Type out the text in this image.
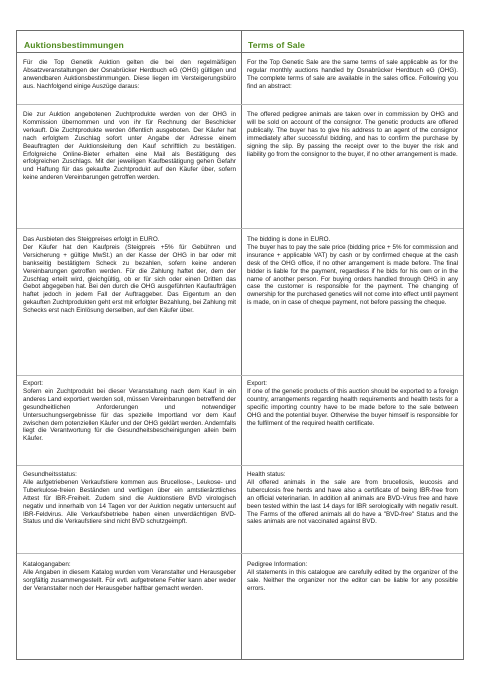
Auktionsbestimmungen
Für die Top Genetik Auktion gelten die bei den regelmäßigen Absatzveranstaltungen der Osnabrücker Herdbuch eG (OHG) gültigen und anwendbaren Auktionsbestimmungen. Diese liegen im Versteigerungsbüro aus. Nachfolgend einige Auszüge daraus:
Die zur Auktion angebotenen Zuchtprodukte werden von der OHG in Kommission übernommen und von ihr für Rechnung der Beschicker verkauft. Die Zuchtprodukte werden öffentlich ausgeboten. Der Käufer hat nach erfolgtem Zuschlag sofort unter Angabe der Adresse einem Beauftragten der Auktionsleitung den Kauf schriftlich zu bestätigen. Erfolgreiche Online-Bieter erhalten eine Mail als Bestätigung des erfolgreichen Zuschlags. Mit der jeweiligen Kaufbestätigung gehen Gefahr und Haftung für das gekaufte Zuchtprodukt auf den Käufer über, sofern keine anderen Vereinbarungen getroffen werden.
Das Ausbieten des Steigpreises erfolgt in EURO.
Der Käufer hat den Kaufpreis (Steigpreis +5% für Gebühren und Versicherung + gültige MwSt.) an der Kasse der OHG in bar oder mit bankseitig bestätigtem Scheck zu bezahlen, sofern keine anderen Vereinbarungen getroffen werden. Für die Zahlung haftet der, dem der Zuschlag erteilt wird, gleichgültig, ob er für sich oder einen Dritten das Gebot abgegeben hat. Bei den durch die OHG ausgeführten Kaufaufträgen haftet jedoch in jedem Fall der Auftraggeber. Das Eigentum an den gekauften Zuchtprodukten geht erst mit erfolgter Bezahlung, bei Zahlung mit Schecks erst nach Einlösung derselben, auf den Käufer über.
Export:
Sofern ein Zuchtprodukt bei dieser Veranstaltung nach dem Kauf in ein anderes Land exportiert werden soll, müssen Vereinbarungen betreffend der gesundheitlichen Anforderungen und notwendiger Untersuchungsergebnisse für das spezielle Importland vor dem Kauf zwischen dem potenziellen Käufer und der OHG geklärt werden. Andernfalls liegt die Verantwortung für die Gesundheitsbescheinigungen allein beim Käufer.
Gesundheitsstatus:
Alle aufgetriebenen Verkaufstiere kommen aus Brucellose-, Leukose- und Tuberkulose-freien Beständen und verfügen über ein amtstierärztliches Attest für IBR-Freiheit. Zudem sind die Auktionstiere BVD virologisch negativ und innerhalb von 14 Tagen vor der Auktion negativ untersucht auf IBR-Feldvirus. Alle Verkaufsbetriebe haben einen unverdächtigen BVD-Status und die Verkaufstiere sind nicht BVD schutzgeimpft.
Katalogangaben:
Alle Angaben in diesem Katalog wurden vom Veranstalter und Herausgeber sorgfältig zusammengestellt. Für evtl. aufgetretene Fehler kann aber weder der Veranstalter noch der Herausgeber haftbar gemacht werden.
Terms of Sale
For the Top Genetic Sale are the same terms of sale applicable as for the regular monthly auctions handled by Osnabrücker Herdbuch eG (OHG). The complete terms of sale are available in the sales office. Following you find an abstract:
The offered pedigree animals are taken over in commission by OHG and will be sold on account of the consignor. The genetic products are offered publically. The buyer has to give his address to an agent of the consignor immediately after successful bidding, and has to confirm the purchase by signing the slip. By passing the receipt over to the buyer the risk and liability go from the consignor to the buyer, if no other arrangement is made.
The bidding is done in EURO.
The buyer has to pay the sale price (bidding price + 5% for commission and insurance + applicable VAT) by cash or by confirmed cheque at the cash desk of the OHG office, if no other arrangement is made before. The final bidder is liable for the payment, regardless if he bids for his own or in the name of another person. For buying orders handled through OHG in any case the customer is responsible for the payment. The changing of ownership for the purchased genetics will not come into effect until payment is made, on in case of cheque payment, not before passing the cheque.
Export:
If one of the genetic products of this auction should be exported to a foreign country, arrangements regarding health requirements and health tests for a specific importing country have to be made before to the sale between OHG and the potential buyer. Otherwise the buyer himself is responsible for the fulfilment of the required health certificate.
Health status:
All offered animals in the sale are from brucellosis, leucosis and tuberculosis free herds and have also a certificate of being IBR-free from an official veterinarian. In addition all animals are BVD-Virus free and have been tested within the last 14 days for IBR serologically with negativ result. The Farms of the offered animals all do have a "BVD-free" Status and the sales animals are not vaccinated against BVD.
Pedigree Information:
All statements in this catalogue are carefully edited by the organizer of the sale. Neither the organizer nor the editor can be liable for any possible errors.
